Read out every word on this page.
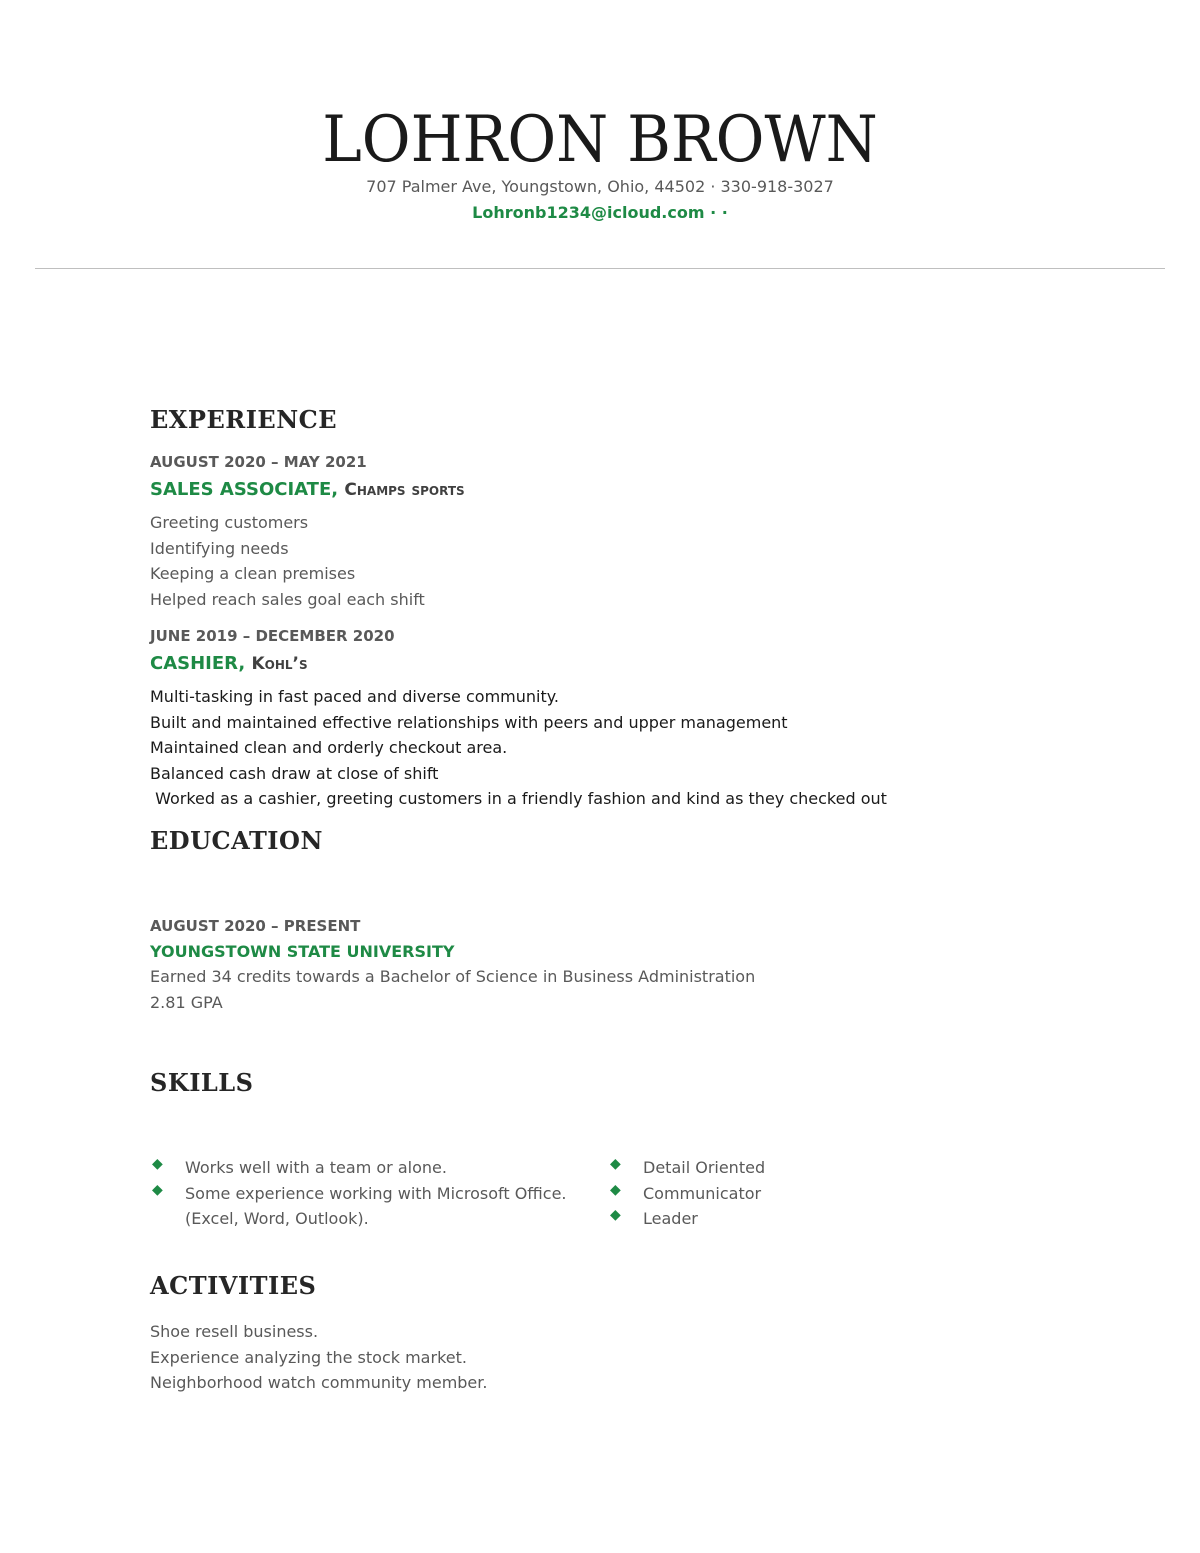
LOHRON BROWN
707 Palmer Ave, Youngstown, Ohio, 44502 · 330-918-3027
Lohronb1234@icloud.com · ·
EXPERIENCE
AUGUST 2020 – MAY 2021
SALES ASSOCIATE, Champs sports
Greeting customers
Identifying needs
Keeping a clean premises
Helped reach sales goal each shift
JUNE 2019 – DECEMBER 2020
CASHIER, Kohl’s
Multi-tasking in fast paced and diverse community.
Built and maintained effective relationships with peers and upper management
Maintained clean and orderly checkout area.
Balanced cash draw at close of shift
Worked as a cashier, greeting customers in a friendly fashion and kind as they checked out
EDUCATION
AUGUST 2020 – PRESENT
YOUNGSTOWN STATE UNIVERSITY
Earned 34 credits towards a Bachelor of Science in Business Administration
2.81 GPA
SKILLS
◆ Works well with a team or alone.
◆ Some experience working with Microsoft Office. (Excel, Word, Outlook).
◆ Detail Oriented
◆ Communicator
◆ Leader
ACTIVITIES
Shoe resell business.
Experience analyzing the stock market.
Neighborhood watch community member.
